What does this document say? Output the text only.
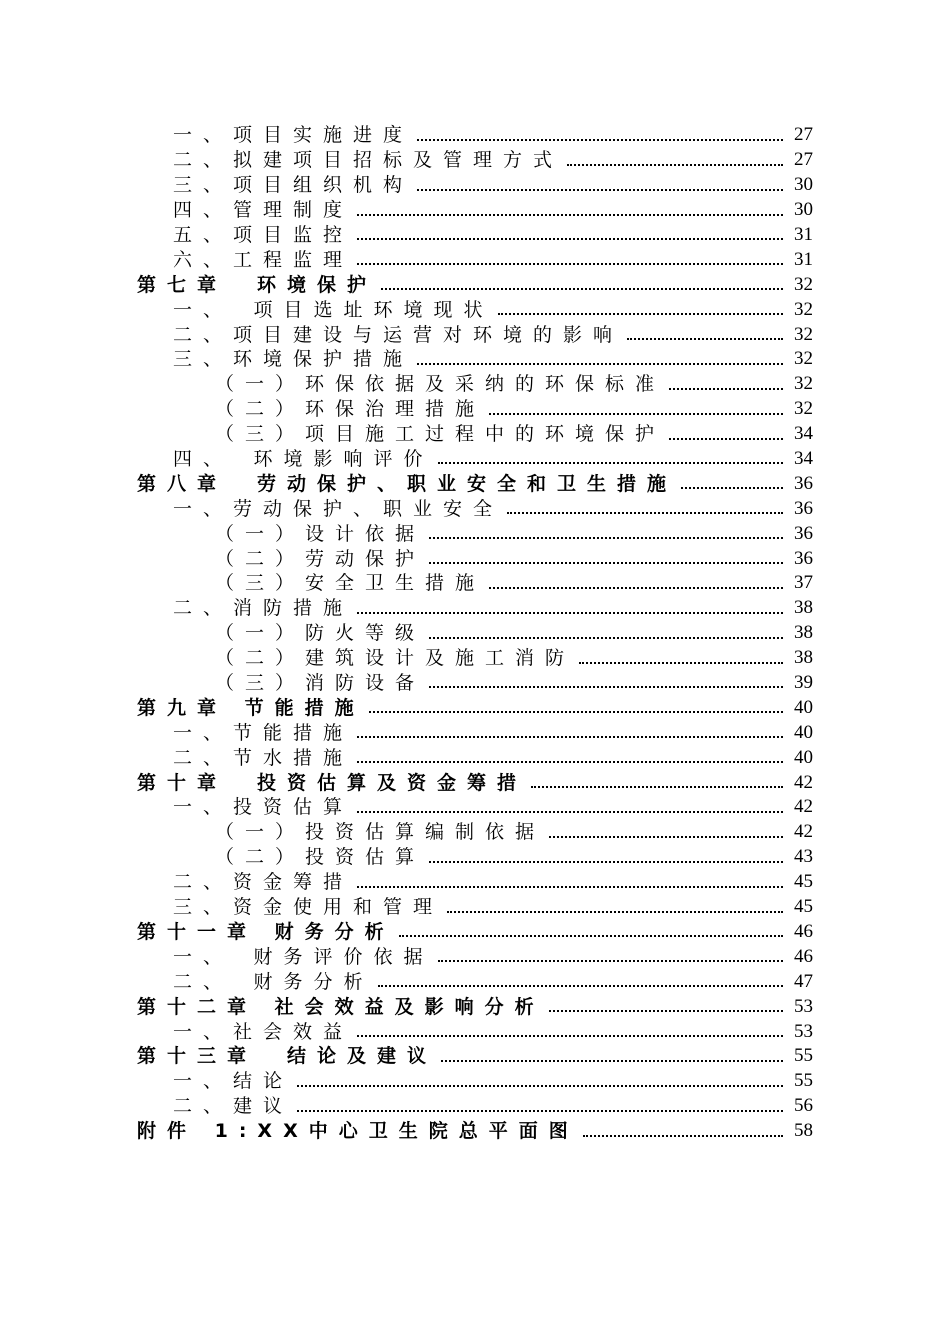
一、项目实施进度	27
二、拟建项目招标及管理方式	27
三、项目组织机构	30
四、管理制度	30
五、项目监控	31
六、工程监理	31
第七章　环境保护	32
一、　项目选址环境现状	32
二、项目建设与运营对环境的影响	32
三、环境保护措施	32
（一）环保依据及采纳的环保标准	32
（二）环保治理措施	32
（三）项目施工过程中的环境保护	34
四、　环境影响评价	34
第八章　劳动保护、职业安全和卫生措施	36
一、劳动保护、职业安全	36
（一）设计依据	36
（二）劳动保护	36
（三）安全卫生措施	37
二、消防措施	38
（一）防火等级	38
（二）建筑设计及施工消防	38
（三）消防设备	39
第九章 节能措施	40
一、节能措施	40
二、节水措施	40
第十章　投资估算及资金筹措	42
一、投资估算	42
（一）投资估算编制依据	42
（二）投资估算	43
二、资金筹措	45
三、资金使用和管理	45
第十一章 财务分析	46
一、　财务评价依据	46
二、　财务分析	47
第十二章 社会效益及影响分析	53
一、社会效益	53
第十三章　结论及建议	55
一、结论	55
二、建议	56
附件 1:XX中心卫生院总平面图	58
